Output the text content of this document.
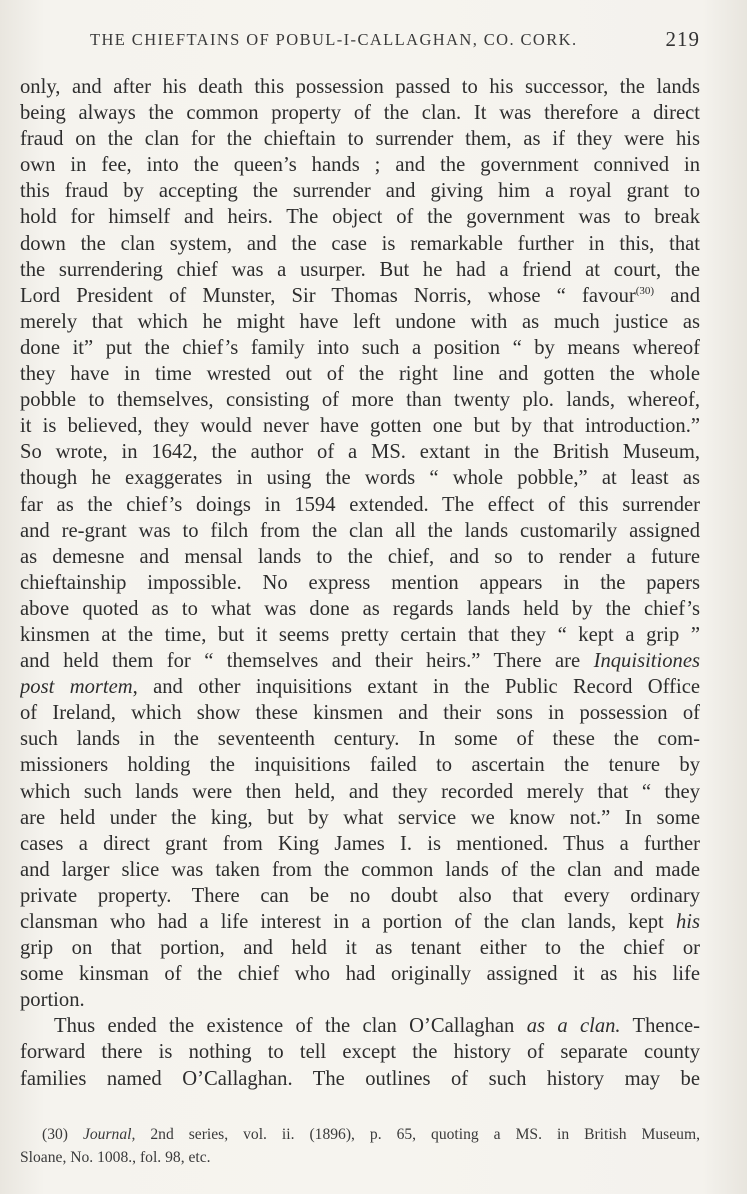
THE CHIEFTAINS OF POBUL-I-CALLAGHAN, CO. CORK.	219
only, and after his death this possession passed to his successor, the lands
being always the common property of the clan. It was therefore a direct
fraud on the clan for the chieftain to surrender them, as if they were his
own in fee, into the queen’s hands ; and the government connived in
this fraud by accepting the surrender and giving him a royal grant to
hold for himself and heirs. The object of the government was to break
down the clan system, and the case is remarkable further in this, that
the surrendering chief was a usurper. But he had a friend at court, the
Lord President of Munster, Sir Thomas Norris, whose “ favour$^{(30)}$ and
merely that which he might have left undone with as much justice as
done it” put the chief’s family into such a position “ by means whereof
they have in time wrested out of the right line and gotten the whole
pobble to themselves, consisting of more than twenty plo. lands, whereof,
it is believed, they would never have gotten one but by that introduction.”
So wrote, in 1642, the author of a MS. extant in the British Museum,
though he exaggerates in using the words “ whole pobble,” at least as
far as the chief’s doings in 1594 extended. The effect of this surrender
and re-grant was to filch from the clan all the lands customarily assigned
as demesne and mensal lands to the chief, and so to render a future
chieftainship impossible. No express mention appears in the papers
above quoted as to what was done as regards lands held by the chief’s
kinsmen at the time, but it seems pretty certain that they “ kept a grip ”
and held them for “ themselves and their heirs.” There are Inquisitiones
post mortem, and other inquisitions extant in the Public Record Office
of Ireland, which show these kinsmen and their sons in possession of
such lands in the seventeenth century. In some of these the com-
missioners holding the inquisitions failed to ascertain the tenure by
which such lands were then held, and they recorded merely that “ they
are held under the king, but by what service we know not.” In some
cases a direct grant from King James I. is mentioned. Thus a further
and larger slice was taken from the common lands of the clan and made
private property. There can be no doubt also that every ordinary
clansman who had a life interest in a portion of the clan lands, kept his
grip on that portion, and held it as tenant either to the chief or
some kinsman of the chief who had originally assigned it as his life
portion.
Thus ended the existence of the clan O’Callaghan as a clan. Thence-
forward there is nothing to tell except the history of separate county
families named O’Callaghan. The outlines of such history may be
(30) Journal, 2nd series, vol. ii. (1896), p. 65, quoting a MS. in British Museum,
Sloane, No. 1008., fol. 98, etc.
